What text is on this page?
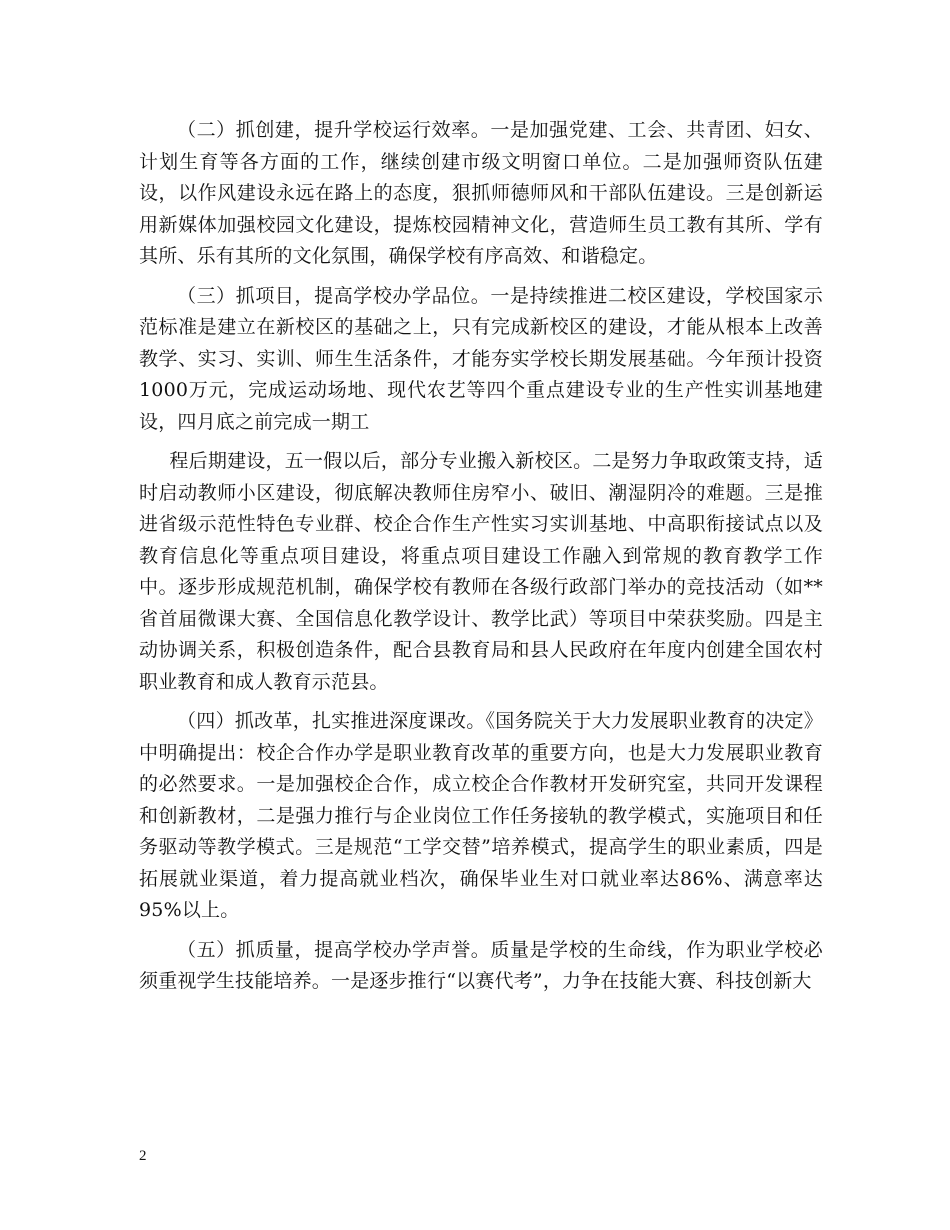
（二）抓创建，提升学校运行效率。一是加强党建、工会、共青团、妇女、计划生育等各方面的工作，继续创建市级文明窗口单位。二是加强师资队伍建设，以作风建设永远在路上的态度，狠抓师德师风和干部队伍建设。三是创新运用新媒体加强校园文化建设，提炼校园精神文化，营造师生员工教有其所、学有其所、乐有其所的文化氛围，确保学校有序高效、和谐稳定。

（三）抓项目，提高学校办学品位。一是持续推进二校区建设，学校国家示范标准是建立在新校区的基础之上，只有完成新校区的建设，才能从根本上改善教学、实习、实训、师生生活条件，才能夯实学校长期发展基础。今年预计投资1000万元，完成运动场地、现代农艺等四个重点建设专业的生产性实训基地建设，四月底之前完成一期工

程后期建设，五一假以后，部分专业搬入新校区。二是努力争取政策支持，适时启动教师小区建设，彻底解决教师住房窄小、破旧、潮湿阴冷的难题。三是推进省级示范性特色专业群、校企合作生产性实习实训基地、中高职衔接试点以及教育信息化等重点项目建设，将重点项目建设工作融入到常规的教育教学工作中。逐步形成规范机制，确保学校有教师在各级行政部门举办的竞技活动（如**省首届微课大赛、全国信息化教学设计、教学比武）等项目中荣获奖励。四是主动协调关系，积极创造条件，配合县教育局和县人民政府在年度内创建全国农村职业教育和成人教育示范县。

（四）抓改革，扎实推进深度课改。《国务院关于大力发展职业教育的决定》中明确提出：校企合作办学是职业教育改革的重要方向，也是大力发展职业教育的必然要求。一是加强校企合作，成立校企合作教材开发研究室，共同开发课程和创新教材，二是强力推行与企业岗位工作任务接轨的教学模式，实施项目和任务驱动等教学模式。三是规范“工学交替”培养模式，提高学生的职业素质，四是拓展就业渠道，着力提高就业档次，确保毕业生对口就业率达86%、满意率达95%以上。

（五）抓质量，提高学校办学声誉。质量是学校的生命线，作为职业学校必须重视学生技能培养。一是逐步推行“以赛代考”，力争在技能大赛、科技创新大

2
